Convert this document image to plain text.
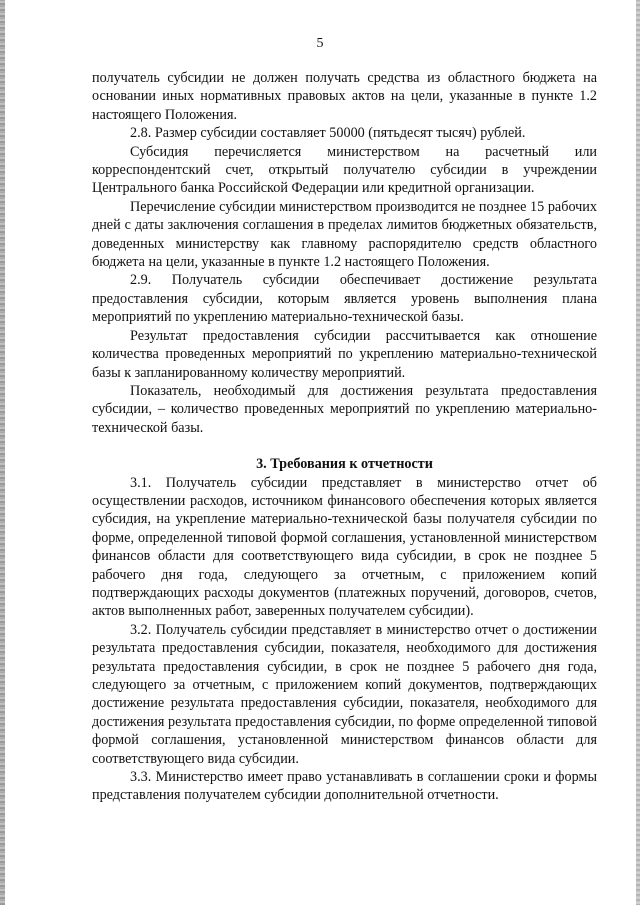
5

получатель субсидии не должен получать средства из областного бюджета на основании иных нормативных правовых актов на цели, указанные в пункте 1.2 настоящего Положения.

2.8. Размер субсидии составляет 50000 (пятьдесят тысяч) рублей.

Субсидия перечисляется министерством на расчетный или корреспондентский счет, открытый получателю субсидии в учреждении Центрального банка Российской Федерации или кредитной организации.

Перечисление субсидии министерством производится не позднее 15 рабочих дней с даты заключения соглашения в пределах лимитов бюджетных обязательств, доведенных министерству как главному распорядителю средств областного бюджета на цели, указанные в пункте 1.2 настоящего Положения.

2.9. Получатель субсидии обеспечивает достижение результата предоставления субсидии, которым является уровень выполнения плана мероприятий по укреплению материально-технической базы.

Результат предоставления субсидии рассчитывается как отношение количества проведенных мероприятий по укреплению материально-технической базы к запланированному количеству мероприятий.

Показатель, необходимый для достижения результата предоставления субсидии, – количество проведенных мероприятий по укреплению материально-технической базы.

3. Требования к отчетности

3.1. Получатель субсидии представляет в министерство отчет об осуществлении расходов, источником финансового обеспечения которых является субсидия, на укрепление материально-технической базы получателя субсидии по форме, определенной типовой формой соглашения, установленной министерством финансов области для соответствующего вида субсидии, в срок не позднее 5 рабочего дня года, следующего за отчетным, с приложением копий подтверждающих расходы документов (платежных поручений, договоров, счетов, актов выполненных работ, заверенных получателем субсидии).

3.2. Получатель субсидии представляет в министерство отчет о достижении результата предоставления субсидии, показателя, необходимого для достижения результата предоставления субсидии, в срок не позднее 5 рабочего дня года, следующего за отчетным, с приложением копий документов, подтверждающих достижение результата предоставления субсидии, показателя, необходимого для достижения результата предоставления субсидии, по форме определенной типовой формой соглашения, установленной министерством финансов области для соответствующего вида субсидии.

3.3. Министерство имеет право устанавливать в соглашении сроки и формы представления получателем субсидии дополнительной отчетности.
